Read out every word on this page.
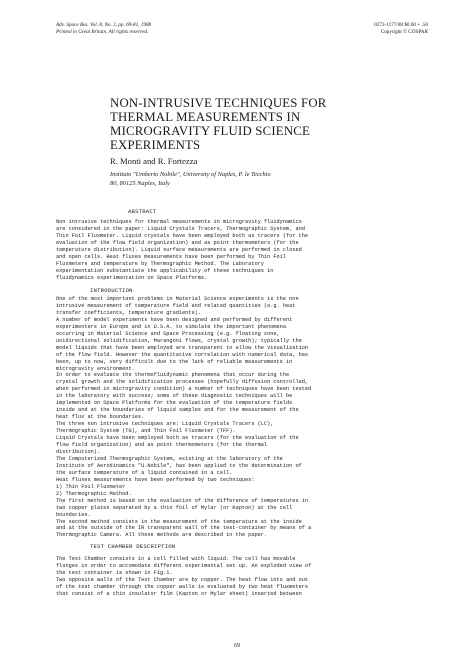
Adv. Space Res. Vol. 8, No. 2, pp. 69-81, 1988
Printed in Great Britain. All rights reserved.
0273-1177/88 $0.00 + .50
Copyright © COSPAR
NON-INTRUSIVE TECHNIQUES FOR
THERMAL MEASUREMENTS IN
MICROGRAVITY FLUID SCIENCE
EXPERIMENTS
R. Monti and R. Fortezza
Instituto "Umberto Nobile", University of Naples, P. le Tecchio
80, 80125 Naples, Italy
ABSTRACT
Non intrusive techniques for thermal measurements in microgravity fluidynamics
are considered in the paper: Liquid Crystals Tracers, Thermographic System, and
Thin Foil Fluxmeter. Liquid crystals have been employed both as tracers (for the
evaluation of the flow field organization) and as point thermometers (for the
temperature distribution). Liquid surface measurements are performed in closed
and open cells. Heat fluxes measurements have been performed by Thin Foil
Fluxmeters and temperature by Thermographic Method. The Laboratory
experimentation substantiate the applicability of these techniques in
fluidynamics experimentation on Space Platforms.
INTRODUCTION
One of the most important problems in Material Science experiments is the non
intrusive measurement of temperature field and related quantities (e.g. heat
transfer coefficients, temperature gradients).
A number of model experiments have been designed and performed by different
experimenters in Europe and in U.S.A. to simulate the important phenomena
occurring in Material Science and Space Processing (e.g. floating zone,
unidirectional solidification, Marangoni flows, crystal growth); typically the
model liquids that have been employed are transparent to allow the visualization
of the flow field. However the quantitative correlation with numerical data, has
been, up to now, very difficult due to the lack of reliable measurements in
microgravity environment.
In order to evaluate the thermofluidynamic phenomena that occur during the
crystal growth and the solidification processes (hopefully diffusion controlled,
when performed in microgravity condition) a number of techniques have been tested
in the laboratory with success; some of these diagnostic techniques will be
implemented on Space Platforms for the evaluation of the temperature fields
inside and at the boundaries of liquid samples and for the measurement of the
heat flux at the boundaries.
The three non intrusive techniques are: Liquid Crystals Tracers (LC),
Thermographic System (TG), and Thin Foil Fluxmeter (TFF).
Liquid Crystals have been employed both as tracers (for the evaluation of the
flow field organization) and as point thermometers (for the thermal
distribution).
The Computerized Thermographic System, existing at the laboratory of the
Institute of Aerodinamics "U.Nobile", has been applied to the determination of
the surface temperature of a liquid contained in a cell.
Heat fluxes measurements have been performed by two techniques:
1) Thin Foil Fluxmeter
2) Thermographic Method.
The first method is based on the evaluation of the difference of temperatures in
two copper plates separated by a thin foil of Mylar (or Kapton) at the cell
boundaries.
The second method consists in the measurement of the temperature at the inside
and at the outside of the IR transparent wall of the test-container by means of a
Thermographic Camera. All these methods are described in the paper.
TEST CHAMBER DESCRIPTION
The Test Chamber consists in a cell filled with liquid. The cell has movable
flanges in order to accomodate different experimental set up. An exploded view of
the test container is shown in Fig.1.
Two opposite walls of the Test Chamber are by copper. The heat flow into and out
of the test chamber through the copper walls is evaluated by two heat fluxmeters
that consist of a thin insulator film (Kapton or Mylar sheet) inserted between
69
